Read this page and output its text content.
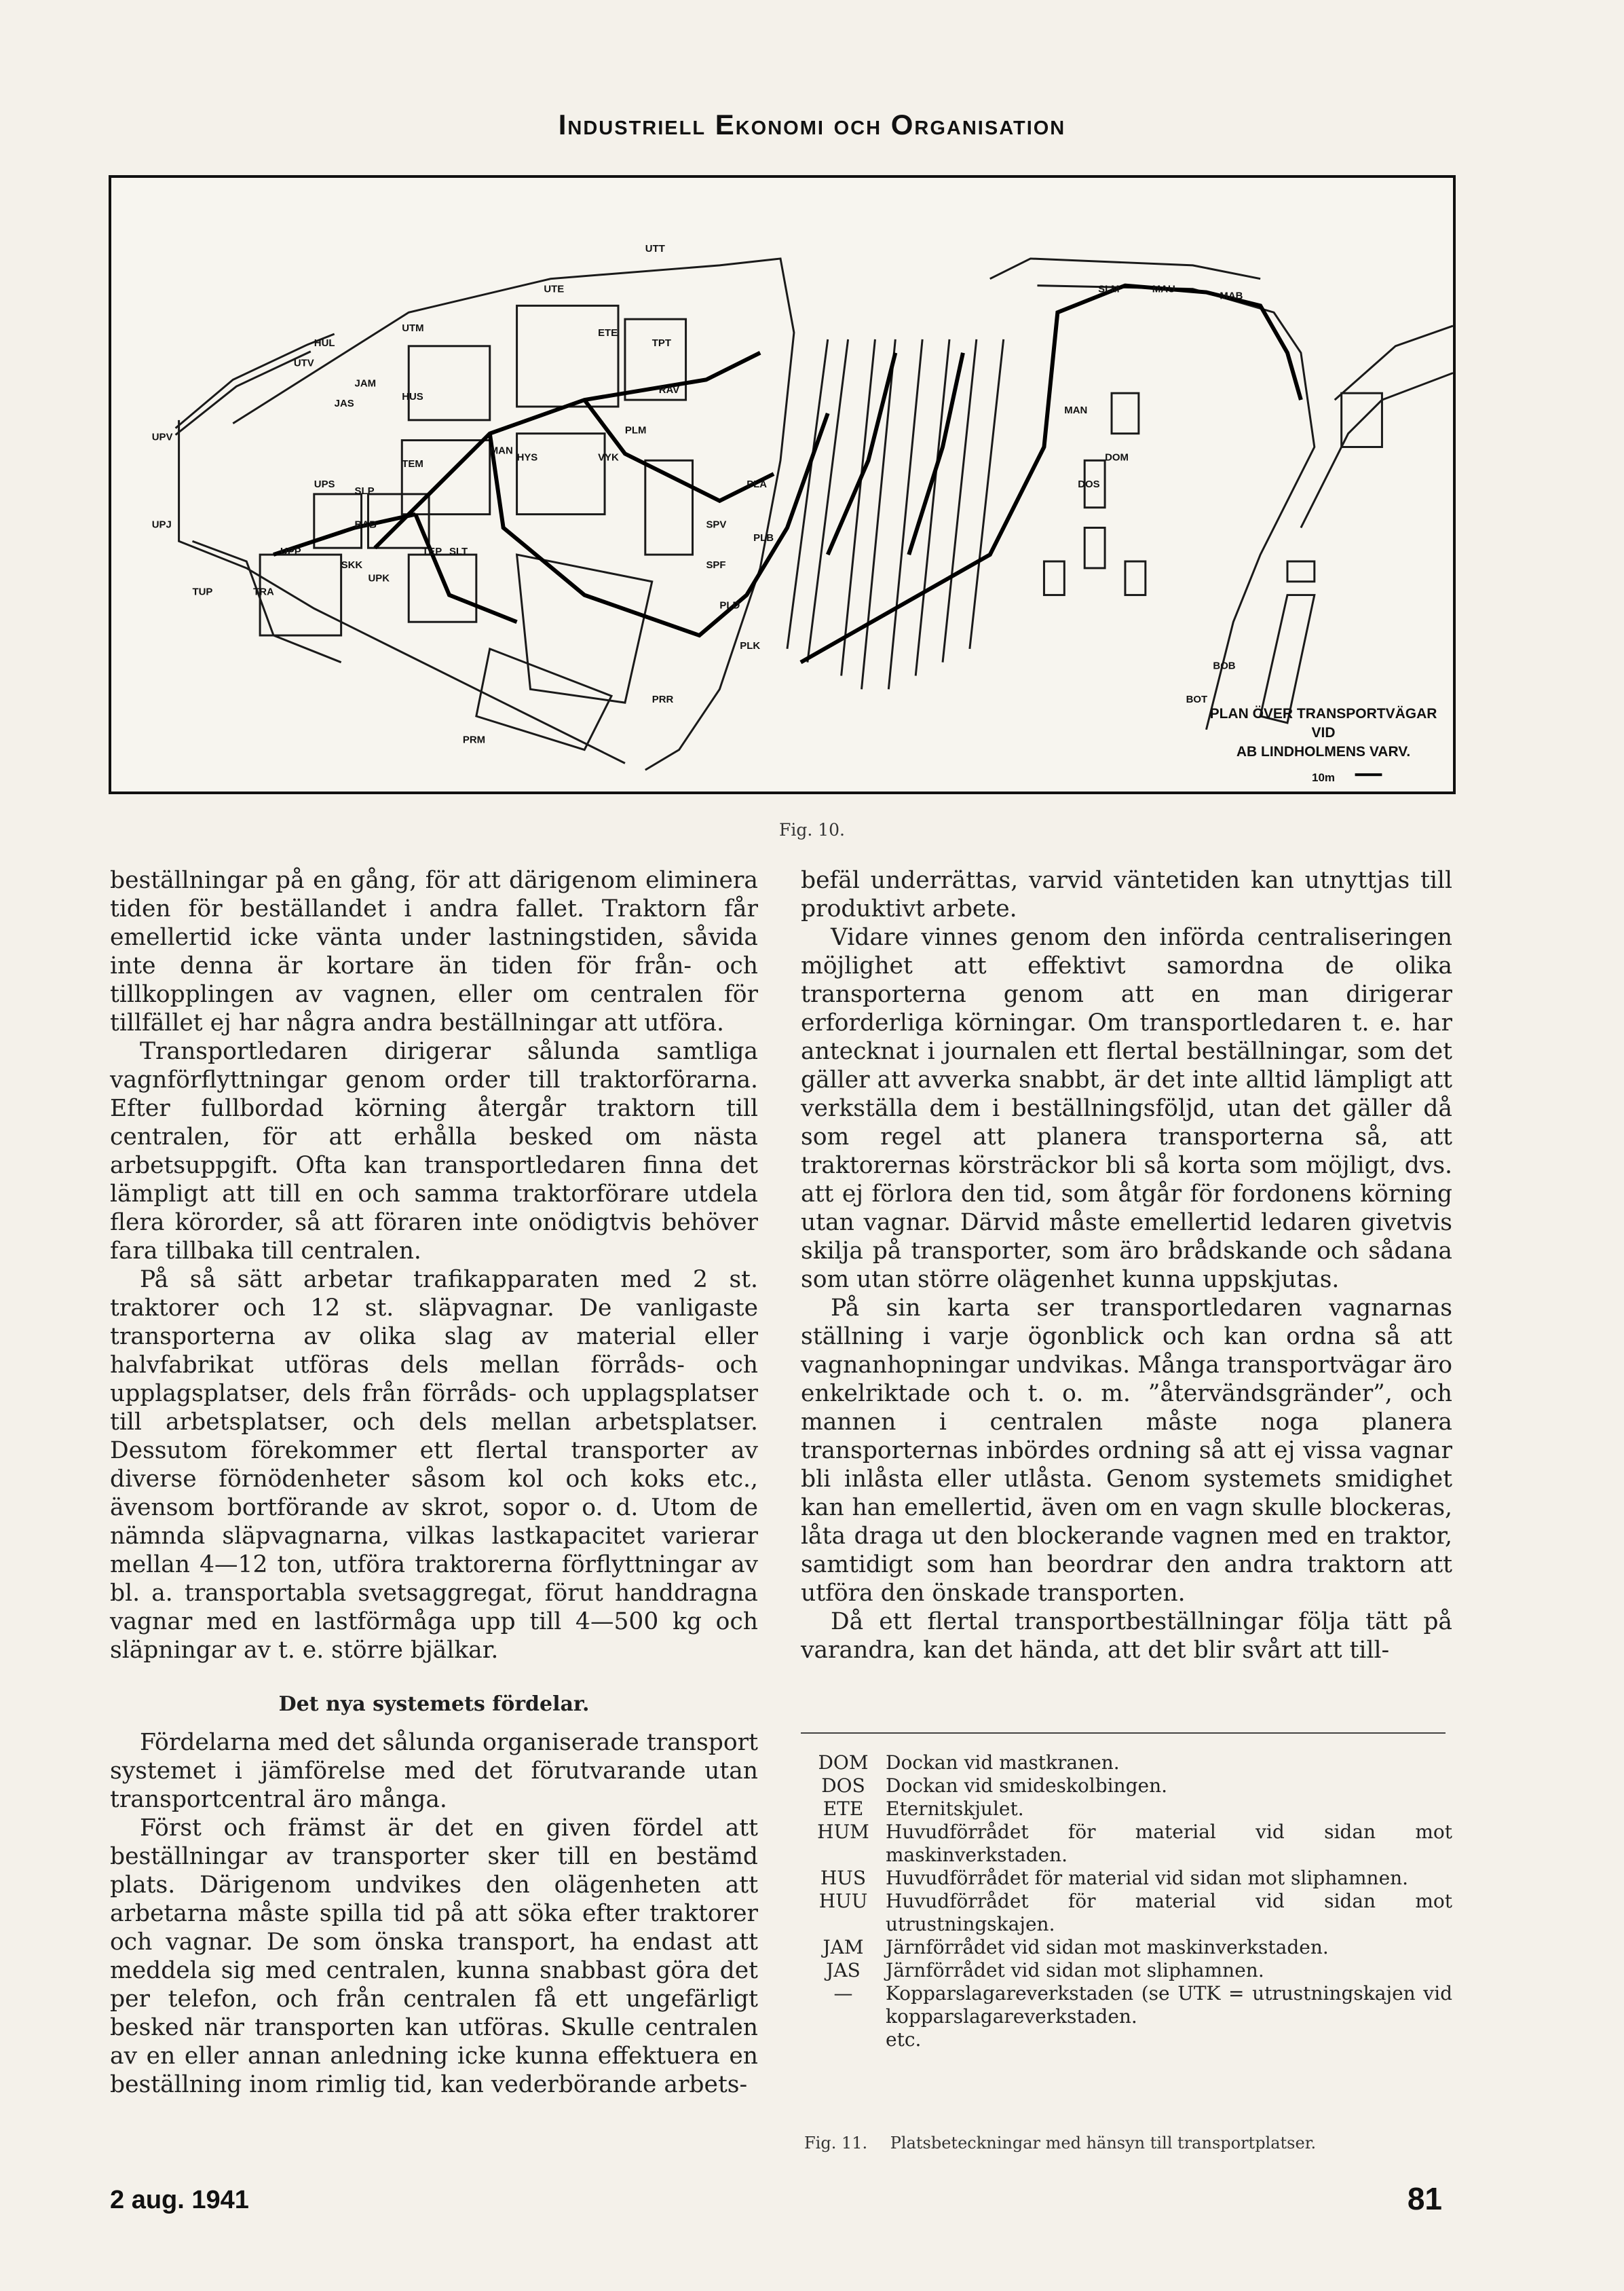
Industriell Ekonomi och Organisation
UPV
UPJ
UTM
UTE
UTT
HUL
UTV
JAM
JAS
HUS
ETE
TPT
PLM
MAN
HYS	VYK
TEM
TEP SLT
SLM	MAU
MAB
MAN
DOS
DOM
BOB
BOT
PRR
PRM
TUP	TRA
UPK
SKK
BAB
UPP
UPS
SLP
PLA
PLB
PLD
PLK
SPV
SPF
RAV
PLAN ÖVER TRANSPORTVÄGAR VID
AB LINDHOLMENS VARV.
10m
Fig. 10.

beställningar på en gång, för att därigenom eliminera tiden för beställandet i andra fallet. Traktorn får emellertid icke vänta under lastningstiden, såvida inte denna är kortare än tiden för från- och tillkopplingen av vagnen, eller om centralen för tillfället ej har några andra beställningar att utföra.

Transportledaren dirigerar sålunda samtliga vagnförflyttningar genom order till traktorförarna. Efter fullbordad körning återgår traktorn till centralen, för att erhålla besked om nästa arbetsuppgift. Ofta kan transportledaren finna det lämpligt att till en och samma traktorförare utdela flera körorder, så att föraren inte onödigtvis behöver fara tillbaka till centralen.

På så sätt arbetar trafikapparaten med 2 st. traktorer och 12 st. släpvagnar. De vanligaste transporterna av olika slag av material eller halvfabrikat utföras dels mellan förråds- och upplagsplatser, dels från förråds- och upplagsplatser till arbetsplatser, och dels mellan arbetsplatser. Dessutom förekommer ett flertal transporter av diverse förnödenheter såsom kol och koks etc., ävensom bortförande av skrot, sopor o. d. Utom de nämnda släpvagnarna, vilkas lastkapacitet varierar mellan 4—12 ton, utföra traktorerna förflyttningar av bl. a. transportabla svetsaggregat, förut handdragna vagnar med en lastförmåga upp till 4—500 kg och släpningar av t. e. större bjälkar.

Det nya systemets fördelar.

Fördelarna med det sålunda organiserade transport systemet i jämförelse med det förutvarande utan transportcentral äro många.

Först och främst är det en given fördel att beställningar av transporter sker till en bestämd plats. Därigenom undvikes den olägenheten att arbetarna måste spilla tid på att söka efter traktorer och vagnar. De som önska transport, ha endast att meddela sig med centralen, kunna snabbast göra det per telefon, och från centralen få ett ungefärligt besked när transporten kan utföras. Skulle centralen av en eller annan anledning icke kunna effektuera en beställning inom rimlig tid, kan vederbörande arbets-

befäl underrättas, varvid väntetiden kan utnyttjas till produktivt arbete.

Vidare vinnes genom den införda centraliseringen möjlighet att effektivt samordna de olika transporterna genom att en man dirigerar erforderliga körningar. Om transportledaren t. e. har antecknat i journalen ett flertal beställningar, som det gäller att avverka snabbt, är det inte alltid lämpligt att verkställa dem i beställningsföljd, utan det gäller då som regel att planera transporterna så, att traktorernas körsträckor bli så korta som möjligt, dvs. att ej förlora den tid, som åtgår för fordonens körning utan vagnar. Därvid måste emellertid ledaren givetvis skilja på transporter, som äro brådskande och sådana som utan större olägenhet kunna uppskjutas.

På sin karta ser transportledaren vagnarnas ställning i varje ögonblick och kan ordna så att vagnanhopningar undvikas. Många transportvägar äro enkelriktade och t. o. m. ”återvändsgränder”, och mannen i centralen måste noga planera transporternas inbördes ordning så att ej vissa vagnar bli inlåsta eller utlåsta. Genom systemets smidighet kan han emellertid, även om en vagn skulle blockeras, låta draga ut den blockerande vagnen med en traktor, samtidigt som han beordrar den andra traktorn att utföra den önskade transporten.

Då ett flertal transportbeställningar följa tätt på varandra, kan det hända, att det blir svårt att till-

DOM Dockan vid mastkranen.
DOS	Dockan vid smideskolbingen.
ETE	Eternitskjulet.
HUM Huvudförrådet för material vid sidan mot maskinverkstaden.
HUS	Huvudförrådet för material vid sidan mot sliphamnen.
HUU Huvudförrådet för material vid sidan mot utrustningskajen.
JAM	Järnförrådet vid sidan mot maskinverkstaden.
JAS	Järnförrådet vid sidan mot sliphamnen.
—	Kopparslagareverkstaden (se UTK = utrustningskajen vid kopparslagareverkstaden.
etc.
Fig. 11. Platsbeteckningar med hänsyn till transportplatser.
2 aug. 1941	81
